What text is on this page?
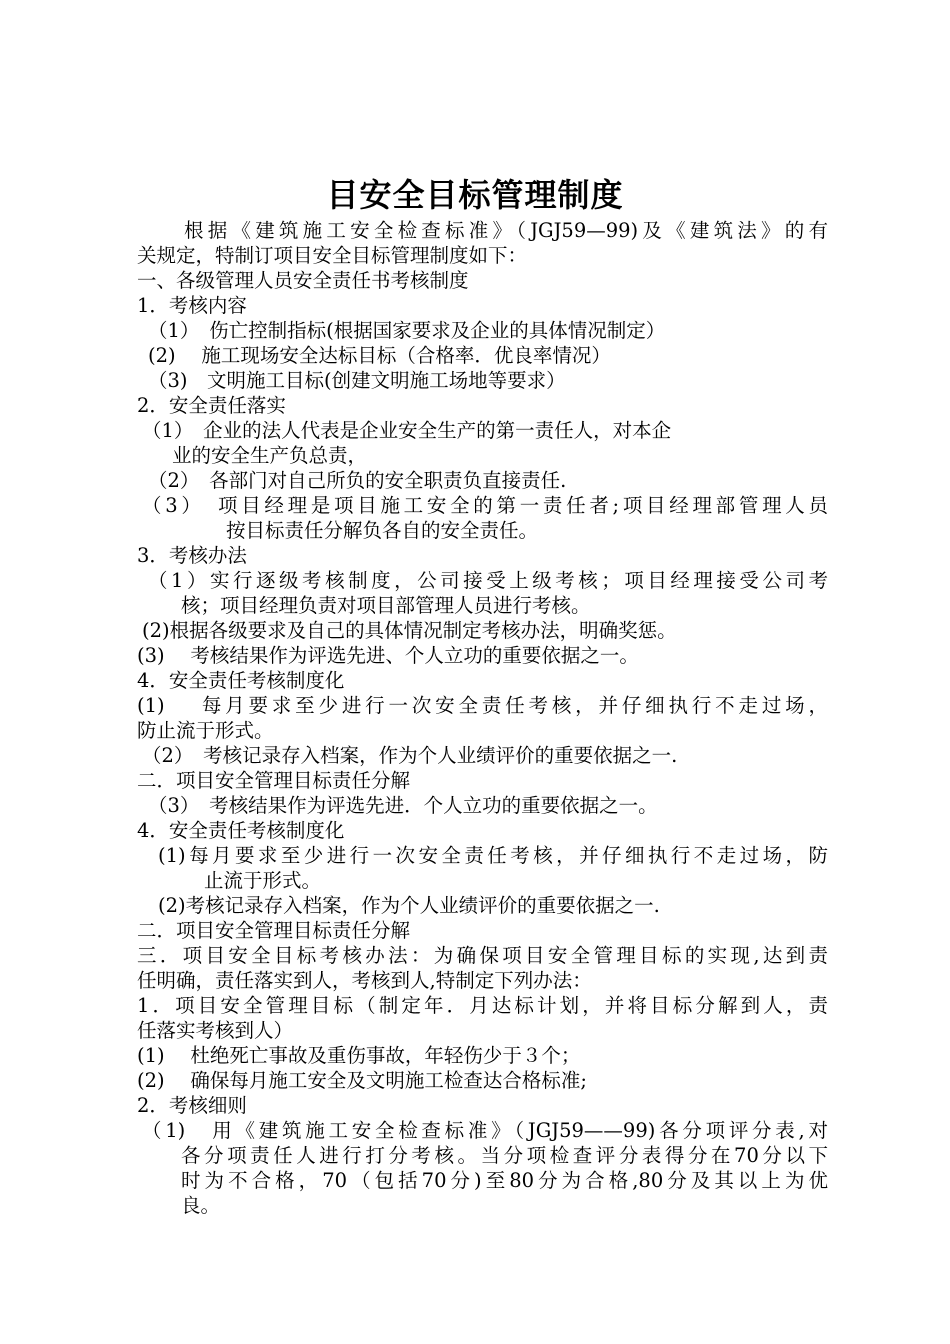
目安全目标管理制度
根据《建筑施工安全检查标准》（JGJ59—99)及《建筑法》的有
关规定，特制订项目安全目标管理制度如下：
一、各级管理人员安全责任书考核制度
1．考核内容
（1）　伤亡控制指标(根据国家要求及企业的具体情况制定）
(2)　 施工现场安全达标目标（合格率．优良率情况）
（3)　文明施工目标(创建文明施工场地等要求）
2．安全责任落实
（1）　企业的法人代表是企业安全生产的第一责任人，对本企
业的安全生产负总责，
（2）　各部门对自己所负的安全职责负直接责任.
（3）　项目经理是项目施工安全的第一责任者;项目经理部管理人员
按目标责任分解负各自的安全责任。
3．考核办法
（1）实行逐级考核制度，公司接受上级考核；项目经理接受公司考
核；项目经理负责对项目部管理人员进行考核。
(2)根据各级要求及自己的具体情况制定考核办法，明确奖惩。
(3)　 考核结果作为评选先进、个人立功的重要依据之一。
4．安全责任考核制度化
(1)　 每月要求至少进行一次安全责任考核，并仔细执行不走过场，
防止流于形式。
（2）　考核记录存入档案，作为个人业绩评价的重要依据之一.
二．项目安全管理目标责任分解
（3）　考核结果作为评选先进．个人立功的重要依据之一。
4．安全责任考核制度化
(1)每月要求至少进行一次安全责任考核，并仔细执行不走过场，防
止流于形式。
(2)考核记录存入档案，作为个人业绩评价的重要依据之一.
二．项目安全管理目标责任分解
三．项目安全目标考核办法：为确保项目安全管理目标的实现,达到责
任明确，责任落实到人，考核到人,特制定下列办法：
1．项目安全管理目标（制定年．月达标计划，并将目标分解到人，责
任落实考核到人）
(1)　 杜绝死亡事故及重伤事故，年轻伤少于３个；
(2)　 确保每月施工安全及文明施工检查达合格标准;
2．考核细则
（1)　用《建筑施工安全检查标准》（JGJ59——99)各分项评分表,对
各分项责任人进行打分考核。当分项检查评分表得分在70分以下
时为不合格，70（包括70分)至80分为合格,80分及其以上为优
良。
